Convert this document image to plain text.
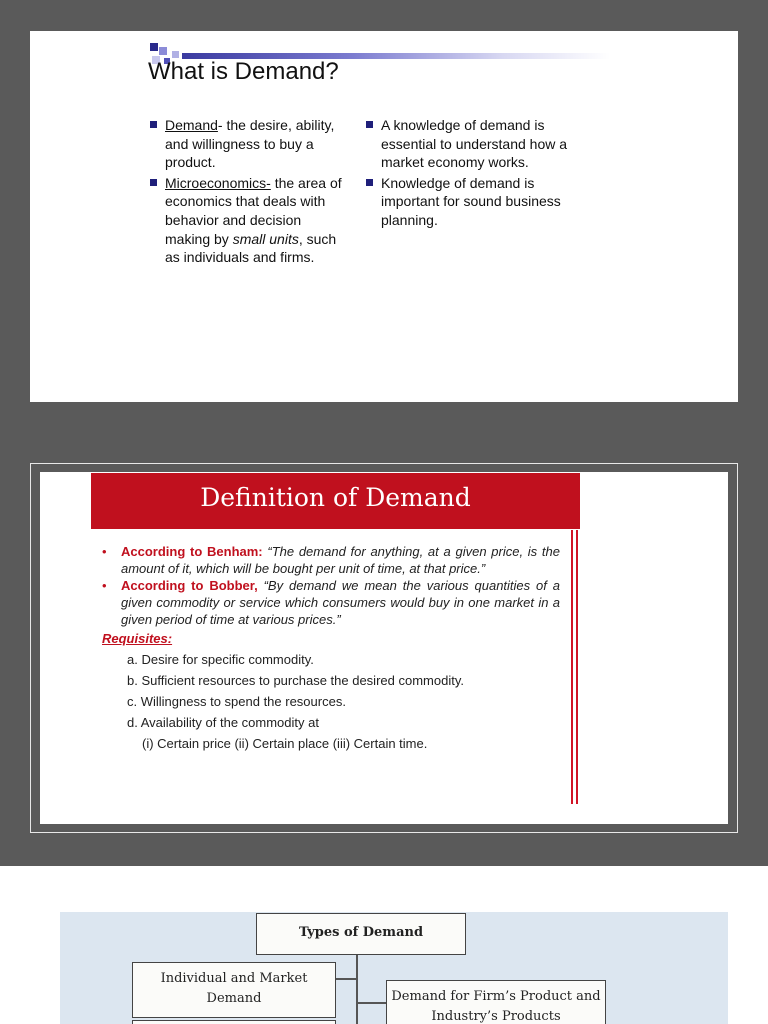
What is Demand?
Demand- the desire, ability, and willingness to buy a product.
Microeconomics- the area of economics that deals with behavior and decision making by small units, such as individuals and firms.
A knowledge of demand is essential to understand how a market economy works.
Knowledge of demand is important for sound business planning.
Definition of Demand
• According to Benham: “The demand for anything, at a given price, is the amount of it, which will be bought per unit of time, at that price.”
• According to Bobber, “By demand we mean the various quantities of a given commodity or service which consumers would buy in one market in a given period of time at various prices.”
Requisites:
a. Desire for specific commodity.
b. Sufficient resources to purchase the desired commodity.
c. Willingness to spend the resources.
d. Availability of the commodity at
(i) Certain price (ii) Certain place (iii) Certain time.
Types of Demand
Individual and Market Demand	Demand for Firm’s Product and Industry’s Products
